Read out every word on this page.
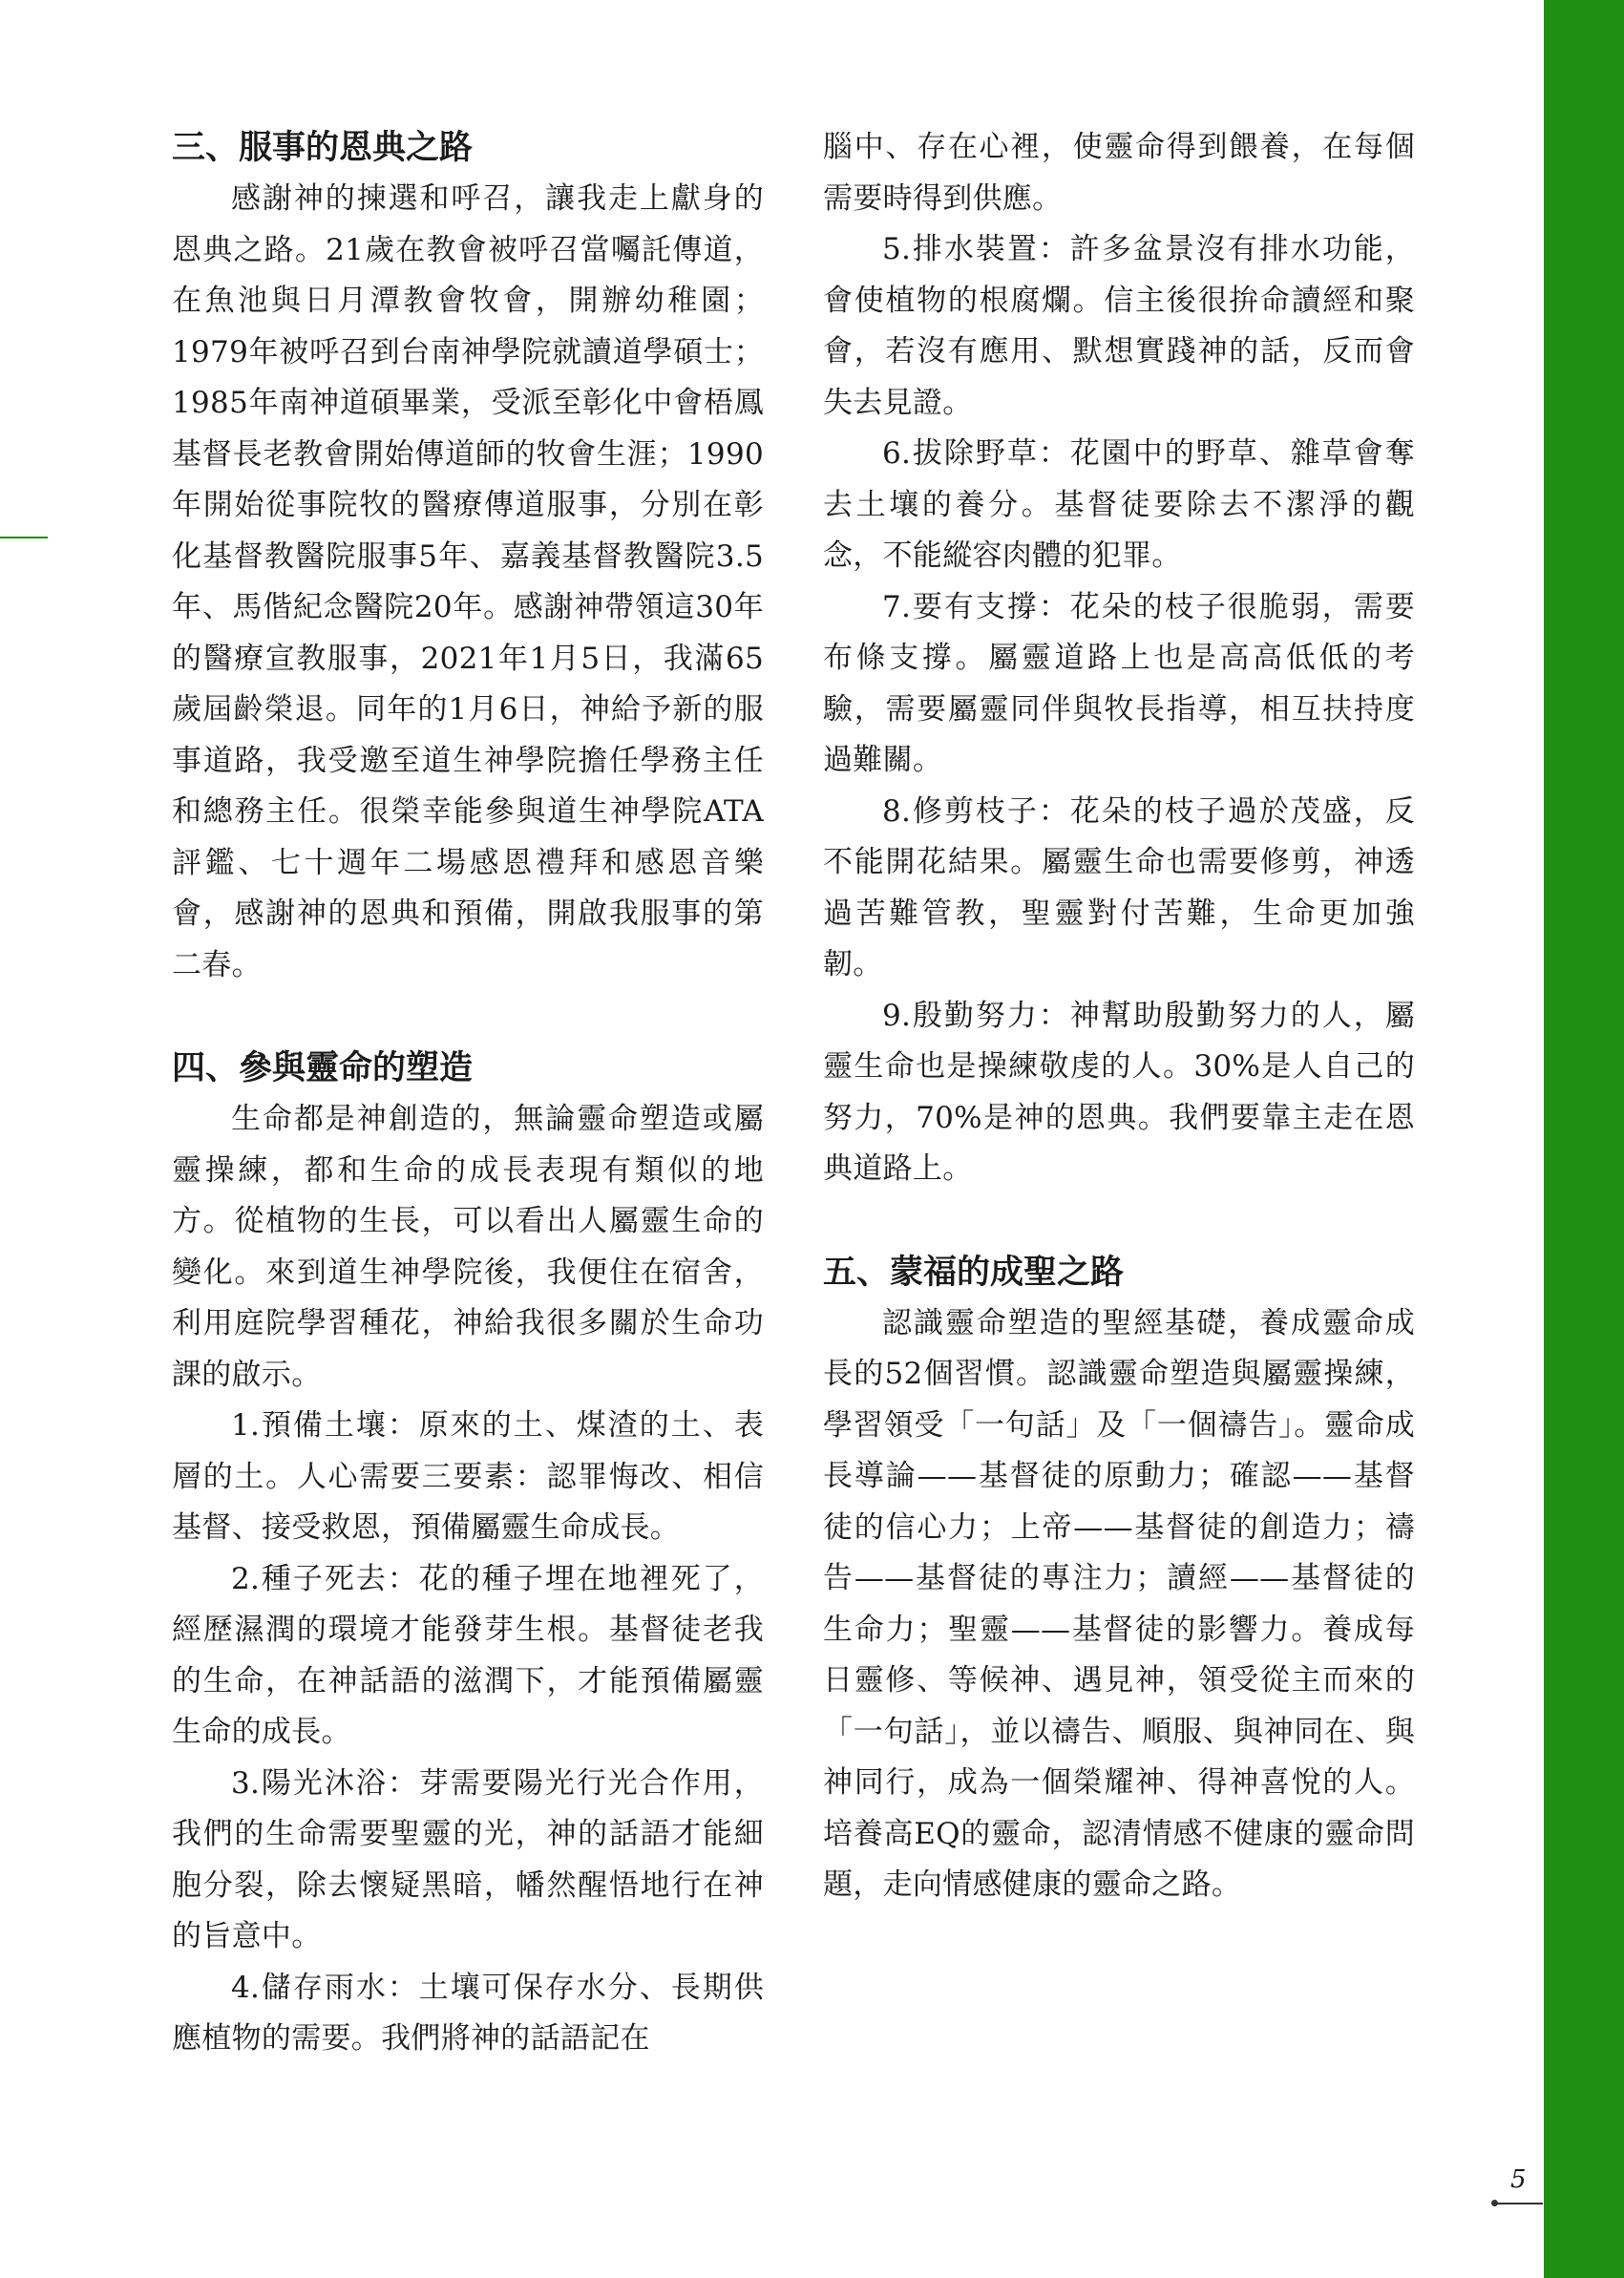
三、服事的恩典之路

感謝神的揀選和呼召，讓我走上獻身的恩典之路。21歲在教會被呼召當囑託傳道，在魚池與日月潭教會牧會，開辦幼稚園；1979年被呼召到台南神學院就讀道學碩士；1985年南神道碩畢業，受派至彰化中會梧鳳基督長老教會開始傳道師的牧會生涯；1990年開始從事院牧的醫療傳道服事，分別在彰化基督教醫院服事5年、嘉義基督教醫院3.5年、馬偕紀念醫院20年。感謝神帶領這30年的醫療宣教服事，2021年1月5日，我滿65歲屆齡榮退。同年的1月6日，神給予新的服事道路，我受邀至道生神學院擔任學務主任和總務主任。很榮幸能參與道生神學院ATA評鑑、七十週年二場感恩禮拜和感恩音樂會，感謝神的恩典和預備，開啟我服事的第二春。

四、參與靈命的塑造

生命都是神創造的，無論靈命塑造或屬靈操練，都和生命的成長表現有類似的地方。從植物的生長，可以看出人屬靈生命的變化。來到道生神學院後，我便住在宿舍，利用庭院學習種花，神給我很多關於生命功課的啟示。

1.預備土壤：原來的土、煤渣的土、表層的土。人心需要三要素：認罪悔改、相信基督、接受救恩，預備屬靈生命成長。

2.種子死去：花的種子埋在地裡死了，經歷濕潤的環境才能發芽生根。基督徒老我的生命，在神話語的滋潤下，才能預備屬靈生命的成長。

3.陽光沐浴：芽需要陽光行光合作用，我們的生命需要聖靈的光，神的話語才能細胞分裂，除去懷疑黑暗，幡然醒悟地行在神的旨意中。

4.儲存雨水：土壤可保存水分、長期供應植物的需要。我們將神的話語記在

腦中、存在心裡，使靈命得到餵養，在每個需要時得到供應。

5.排水裝置：許多盆景沒有排水功能，會使植物的根腐爛。信主後很拚命讀經和聚會，若沒有應用、默想實踐神的話，反而會失去見證。

6.拔除野草：花園中的野草、雜草會奪去土壤的養分。基督徒要除去不潔淨的觀念，不能縱容肉體的犯罪。

7.要有支撐：花朵的枝子很脆弱，需要布條支撐。屬靈道路上也是高高低低的考驗，需要屬靈同伴與牧長指導，相互扶持度過難關。

8.修剪枝子：花朵的枝子過於茂盛，反不能開花結果。屬靈生命也需要修剪，神透過苦難管教，聖靈對付苦難，生命更加強韌。

9.殷勤努力：神幫助殷勤努力的人，屬靈生命也是操練敬虔的人。30%是人自己的努力，70%是神的恩典。我們要靠主走在恩典道路上。

五、蒙福的成聖之路

認識靈命塑造的聖經基礎，養成靈命成長的52個習慣。認識靈命塑造與屬靈操練，學習領受「一句話」及「一個禱告」。靈命成長導論——基督徒的原動力；確認——基督徒的信心力；上帝——基督徒的創造力；禱告——基督徒的專注力；讀經——基督徒的生命力；聖靈——基督徒的影響力。養成每日靈修、等候神、遇見神，領受從主而來的「一句話」，並以禱告、順服、與神同在、與神同行，成為一個榮耀神、得神喜悅的人。培養高EQ的靈命，認清情感不健康的靈命問題，走向情感健康的靈命之路。

5
